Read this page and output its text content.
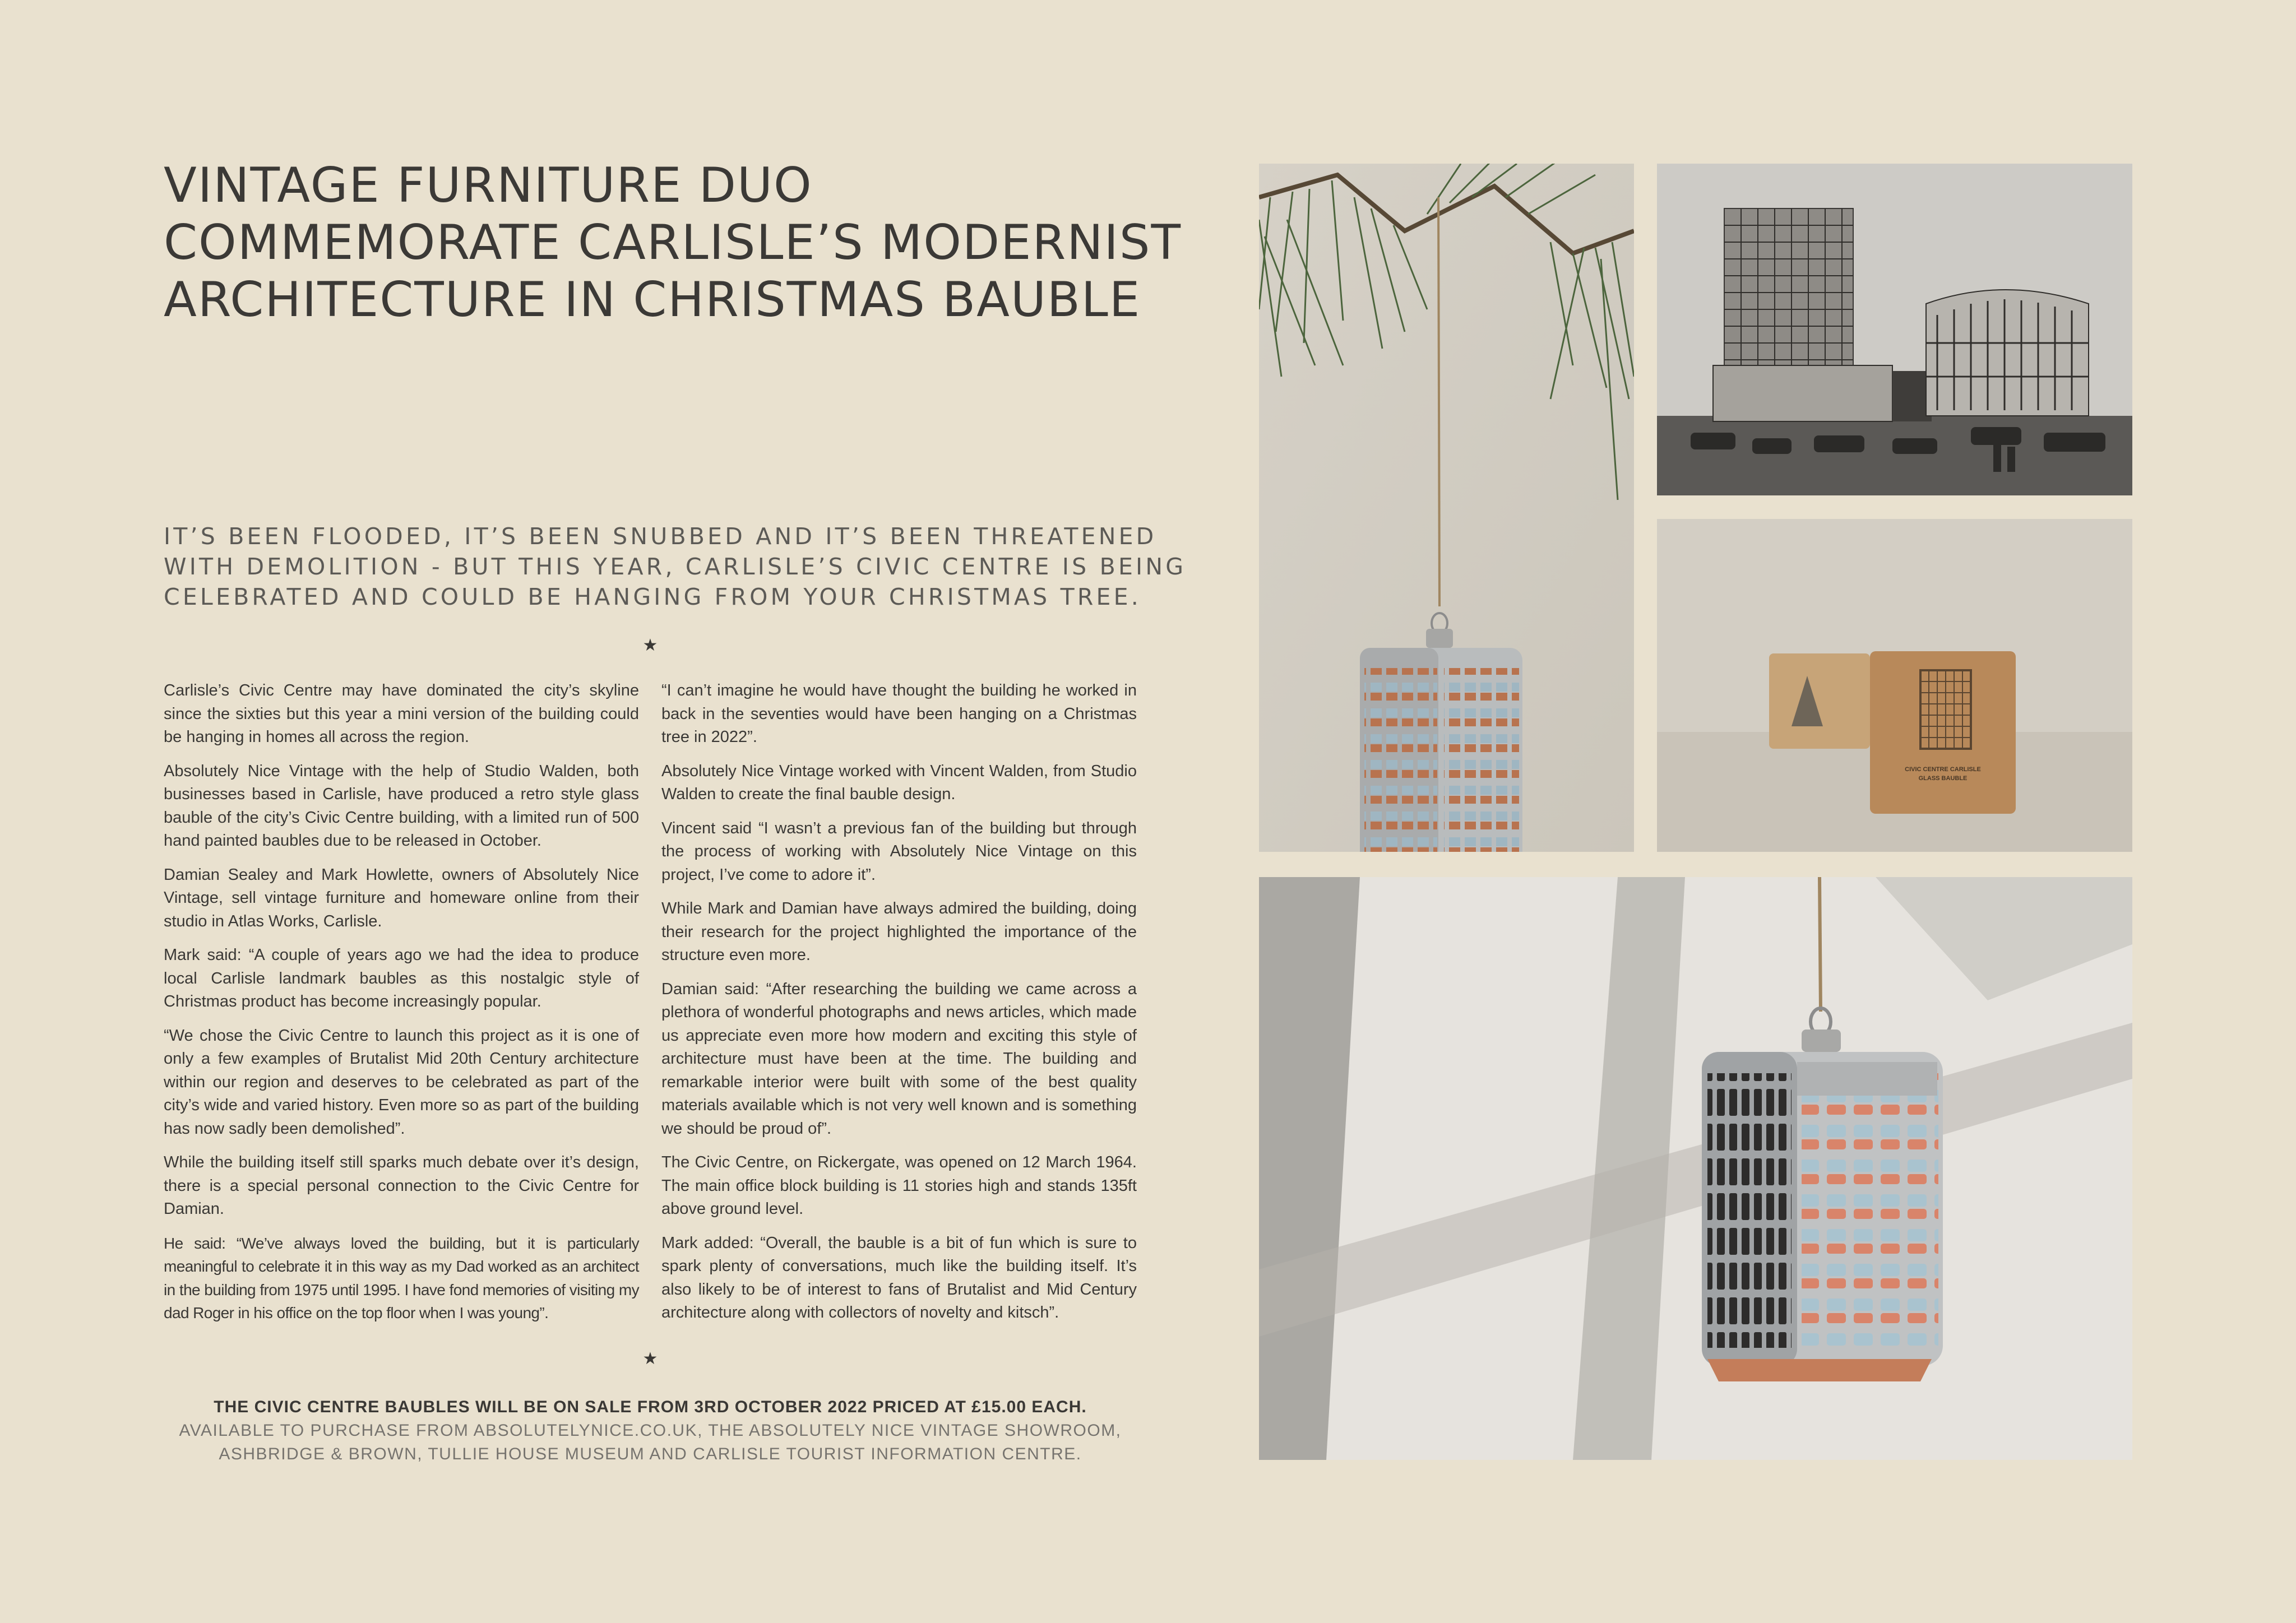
VINTAGE FURNITURE DUO
COMMEMORATE CARLISLE’S MODERNIST
ARCHITECTURE IN CHRISTMAS BAUBLE
IT’S BEEN FLOODED, IT’S BEEN SNUBBED AND IT’S BEEN THREATENED
WITH DEMOLITION - BUT THIS YEAR, CARLISLE’S CIVIC CENTRE IS BEING
CELEBRATED AND COULD BE HANGING FROM YOUR CHRISTMAS TREE.
★

Carlisle’s Civic Centre may have dominated the city’s skyline since the sixties but this year a mini version of the building could be hanging in homes all across the region.

Absolutely Nice Vintage with the help of Studio Walden, both businesses based in Carlisle, have produced a retro style glass bauble of the city’s Civic Centre building, with a limited run of 500 hand painted baubles due to be released in October.

Damian Sealey and Mark Howlette, owners of Absolutely Nice Vintage, sell vintage furniture and homeware online from their studio in Atlas Works, Carlisle.

Mark said: “A couple of years ago we had the idea to produce local Carlisle landmark baubles as this nostalgic style of Christmas product has become increasingly popular.

“We chose the Civic Centre to launch this project as it is one of only a few examples of Brutalist Mid 20th Century architecture within our region and deserves to be celebrated as part of the city’s wide and varied history. Even more so as part of the building has now sadly been demolished”.

While the building itself still sparks much debate over it’s design, there is a special personal connection to the Civic Centre for Damian.

He said: “We’ve always loved the building, but it is particularly meaningful to celebrate it in this way as my Dad worked as an architect in the building from 1975 until 1995. I have fond memories of visiting my dad Roger in his office on the top floor when I was young”.

“I can’t imagine he would have thought the building he worked in back in the seventies would have been hanging on a Christmas tree in 2022”.

Absolutely Nice Vintage worked with Vincent Walden, from Studio Walden to create the final bauble design.

Vincent said “I wasn’t a previous fan of the building but through the process of working with Absolutely Nice Vintage on this project, I’ve come to adore it”.

While Mark and Damian have always admired the building, doing their research for the project highlighted the importance of the structure even more.

Damian said: “After researching the building we came across a plethora of wonderful photographs and news articles, which made us appreciate even more how modern and exciting this style of architecture must have been at the time. The building and remarkable interior were built with some of the best quality materials available which is not very well known and is something we should be proud of”.

The Civic Centre, on Rickergate, was opened on 12 March 1964. The main office block building is 11 stories high and stands 135ft above ground level.

Mark added: “Overall, the bauble is a bit of fun which is sure to spark plenty of conversations, much like the building itself. It’s also likely to be of interest to fans of Brutalist and Mid Century architecture along with collectors of novelty and kitsch”.

★
THE CIVIC CENTRE BAUBLES WILL BE ON SALE FROM 3RD OCTOBER 2022 PRICED AT £15.00 EACH.
AVAILABLE TO PURCHASE FROM ABSOLUTELYNICE.CO.UK, THE ABSOLUTELY NICE VINTAGE SHOWROOM,
ASHBRIDGE & BROWN, TULLIE HOUSE MUSEUM AND CARLISLE TOURIST INFORMATION CENTRE.
CIVIC CENTRE CARLISLE
GLASS BAUBLE
